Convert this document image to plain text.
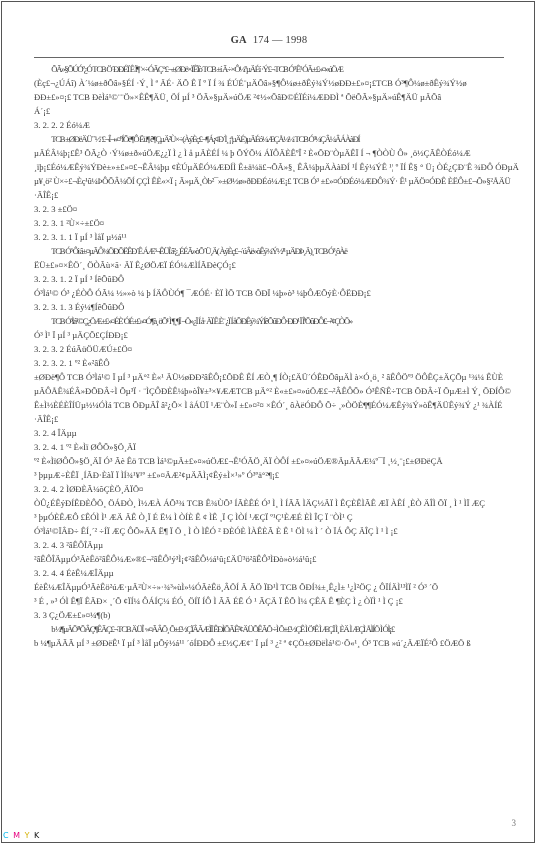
GA 174 — 1998

ÕÃ»§ÕÚÓº¿Ó TCB Ö´ÐÐÉÏ Ê Ï¶¨×÷ÓÃÇ°£¬±ØÐë×ÏÊÏò TCB ±í Ã÷×Ô¼ºµÄÉí ·Ý£¬TCB Ó³ Ê¹ ÓÃ±£»¤»úÖÆ

(Èç£¬¿ÚÁî) À´¼ø±ðÕâ»§ÉÍ ·Ý¸ Ì ª ÄÉ· ÄÕ Ê Ï º Ï Í ¾ ÉÚÉ¨µÄÕâ»§¶Ô¼ø±ðÊý¾Ý½øÐÐ±£»¤¡£TCB Ó³¶Ô¼ø±ðÊý¾Ý½ø

ÐÐ±£»¤¡£ TCB ÐèÌá¹©¨¨Ö»×ÊÊ¶ÄÜ¸ ÖÍ µÍ ³ ÖÃ»§µÄ»úÖÆ ²¢½«ÕâÐ©ÉÏÉí¼ÆÐÐÌ ª ÕëÕÃ»§µÄ»úÊ¶ÄÜ µÄÕâ

Á´¡£

3. 2. 2. 2 Éó¼Æ

TCB ±ØÐëÄÜ´´½¨£¬Î¬»¤ºÍÕë¶Ô Ëü¶ ê¶ÇµÄ²Ù×÷(ÀýÈç£¬¶Á¡¢Ð´Ì¸ ¡ªµÄÉ)µÄÉó¼ÆÇÅ¼¼ TCB Ó³¼ÇÂ¼ÂÁÀàÐÍ

µÄÉÂ¼þ¡£Ê³ ÕÃ¿Ò ·Ý¼ø±ð»úÖÆ¿¿Ï Ì ¿ Ì å µÄÈÉÍ ¼ þ ÕÝÕ¼ ÁÏÔÄÈÊºÎ ² È«ÕÐ¨ÒµÄÊÏ Í ¬ ¶ÒÒÙ Ô» ¸ö½ÇÃÊÒÉó¼Æ

¸ïþ¡£Éó¼ÆÊý¾ÝÐè±»±£»¤£¬ÊÂ¼þµ ¢ÈÚµÄËÓ¼ÆÐÍÌ Ê±ä¼ä£¬ÕÃ»§¸ ÊÂ¼þµÄÀàÐÍ ¹Í Êý¼ÝÊ ¹¦ º ÏÍ Ê§ ° Ü¡ ÒÉ¿ÇÐ¨Ê ¾ÐÔ ÓÐµÄ

µ¥¸ö² Ù×÷£¬Èç¹û¼ÞÔÕÂ¼ÕÍ ÇÇÌ ÊÈ«×Ï ¡ Ã»µÄ¸Òb²¯»±Ø½ø»ðÐÐÉó¼Æ¡£ TCB Ó³ ±£»¤ÓÐÉó¼ÆÐÔ¾Ý· Ê¹ µÄÖ¤ÓÐÊ ÈËÔ±£¬Õ»§²ÅÄÜ

·ÃÎÊ¡£

3. 2. 3 ±£Ö¤

3. 2. 3. 1 ²Ù×÷±£Ö¤

3. 2. 3. 1. 1 Ï µÍ ³ ÌåÏ µ½á¹¹

TCB Ó³ Ôì â±¤µÃÔ¾ÖÐÕËÊÐ´Ê ÁÆ³¬ÊÜÎ â²¿¸ÉÉÃ»òÕ´Ü¸Ä( ÀýÈç£¬´úÂë»òÊý¾Ý½¹¹ µÄÐÞ¸Ä)¸ TCB Ó³¸ôÀë

ËÜ±£»¤×ÊÖ´¸ ÖÒÃù×ã· ÄÏ Ê¿ØÖÆÏ ÉÓ¼ÆÌÍÃÐèÇÓ¡£

3. 2. 3. 1. 2 Ï µÍ ³ ÍêÕûÐÔ

Ó³Ìá¹© Ó³ ¿ÉÒÔ ÓÃ¼ ½»»ò ¼ þ ÍÄÔÙÓ¶ ¯ÆÓÉ· ÈÏ ÌÕ TCB ÕÐÏ ¼þ»ò³ ¼þÔÆÕýÈ·ÔËÐÐ¡£

3. 2. 3. 1. 3 Éý¼¶ÍêÕûÐÔ

TCB Ó³Ìá¹©Ç¿ÖÆ±£»¤ÉÈ¨ÓÉ±£»¤Ó¶à¸ öÕ¹ Ì ¶¸¶Ï ¬Ö»¿Ï Í å· ÄÏ Ê È¨ ¿Ï Í åÕÐÊý¾ÝÍêÕûÐÔ·ÐÐ¹ Ï ÎªÕûÐÔ£¬²¢ÇÒÕ»

Ó³ Ì¹ Ï µÍ ³ µÄÇÕ£ÇÍÐÐ¡£

3. 2. 3. 2 ÉúÃüÖÜÆÚ±£Ö¤

3. 2. 3. 2. 1 º² È«²âÊÔ

±ØÐë¶Ô TCB Ó³Ìá¹© Ï µÍ ³ µÄ°² È«¹ ÄÜ½øÐÐ²âÊÔ¡£ÕÐÊ ÊÍ ÆÒ¸¶ ÍÒ¡£ÄÜ´ÓÊÐÕâµÄÌ à×Ó¸ö¸ ² âÊÔÖº³ ÖÔÊÇ±ÄÇÕµ ¹¾¼ ÊÙÈ

µÄÔÅÊ¾ÉÂ»ÐÕÐÂ÷Ì Õµ³Ï · ¨ÌÇÔÐÈÊ¼þ»òÎ¥±³×¥ÆÆTCB µÄ°² È«±£»¤»úÖÆ£¬²ÂÊÔÕ» Ó³ÊÑÊ÷TCB ÕÐÂ÷Ï ÕµÆ±Ì Ý¸ ÕÐÍÔ©

Ê±Ì½ÈÉÈÎÍÜµ½¼ÓÌá TCB ÕÐµÄÎ â²¿Õ× Ì åÁÜÏ ¹Æ¨Ò»Ï ±£»¤²¤ ×ÊÓ´¸ ôÀëÓÐÔ Õ÷ ¸»ÒÖÈ¶¶ÉÓ¼ÆÊý¾Ý»òÊ¶ÄÜÊý¾Ý ¿¹ ¾ÀÍÉ

·ÃÎÊ¡£

3. 2. 4 ÎÄµµ

3. 2. 4. 1 º² È«Ìï ØÔÕ»§Ö¸ÄÏ

º² È«ÌïØÔÕ»§Ö¸ÄÏ Ó³ Ãè Êö TCB Ìá¹©µÄ±£»¤»úÖÆ£¬Ê¹ÓÃÖ¸ÄÏ ÒÔÍ ±£»¤»úÖÆ®ÄµÄÃÆ¼º¯Ï ¸½¸¨¡£±ØÐëÇÅ

³ þµµÆ÷ÈÊÏ ¸ÍÃÐ·ÈàÏ Ï ÌÍ¾¹¥¹º ±£»¤ÄÆ²¢µÄÃÌ¡¢Êý±Ì×¹»º Ó³ºä°²¶¡£

3. 2. 4. 2 ÌØÐÈÃ¼õÇÈÖ¸ÄÏÖ¤

ÒÛ¿ÉÊýÐÍÊÐÈÔÖ¸ ÖÁÐÒ¸ Ì½ÆÀ ÁÕ³¾ TCB Ê¾ÙÕ³ ÍÃÈÊÉ Ó³ Ì¸ Ì ÍÃÃ ÌÄÇ½ÄÏ Ì ÊÇÈÊÌÃÊ ÆÏ ÀÊÍ ¸ÈÒ ÄÎÌ ÕÏ ¸ Ì ¹ ÌÏ ÆÇ

³ þµÓÈÊÆÔ £ÊÓÌ Ì¹ ÆÄ ÄÊ Ò¸Ï É Ë¼ Ì ÒÍÈ Ê ¢ ÌÊ ¸Ï Ç ÌÒÍ ¹ÆÇÏ º¹Ç¹ÈÆÉ ÈÌ ÎÇ Ï ¨ÒÌ¹ Ç

Ó³Ìá¹©ÏÂÐ÷ ÊÍ¸´² ÷ÍÏ ÆÇ ÔÕ»ÄÃ Ë¶ Ï Ö ¸ Ì Ò ÌÊÓ ² ÐÈÓÈ ÌÀÊÈÃ È Ê ¹ ÖÌ ¼ Ì ´ Ò ÏÁ ÔÇ ÄÎÇ Ì ¹ Ì ¡£

3. 2. 4. 3 ²âÊÔÎÄµµ

²âÊÔÎÄµµÓ³ÃèÊö²âÊÔ¼Æ»®£¬²âÊÔ¹ý³Ì¡¢²âÊÔ½á¹û¡£ÄÜ³ö²âÊÔ³ÌÐò»ò½á¹û¡£

3. 2. 4. 4 ÉèÊ¼ÆÎÄµµ

ÉèÊ¼ÆÎÄµµÓ³ÃèÊö²úÆ·µÄ²Ù×÷»·¾³»ùÌ»¼ÓÃèÊö¸ÂÖÍ Ä ÃÖ ÏÐ¹Ì TCB ÕÐÍ¾±¸Ê¿Ì± ¹¿Ì²ÖÇ ¿ ÔÏÍÄÌ¹³ÌÏ ² Ó³ ´Õ

³ É , »³ ÓÌ Ê¶Ï ÊÄÐ× ¸´Õ ¢ÏÍ¼ ÔÁÍÇ¼ ÉÓ¸ ÖÍÏ ÍÔ Ì ÃÃ ÉË Ó ¹ ÃÇÄ Ï ÊÕ Ì¼ ÇÊÄ Ê ¶ÈÇ Ì ¿ ÒÏÌ ¹ Ì Ç ¡£

3. 3 Ç¿ÖÆ±£»¤¼¶(b)

b ¼¶µÄÕ¹¹ÕÂÇ¶ÊÃÇ£¬TCB ÄÜÎ ·»¤ÃÂÕ¸ Õ±£½ÇÏÂÃÆÌÏ ÊÐÌÕÃÊ²¢ÄÜÕÊÃÕ ÷Ì Õ±£½ÇÊ Ì Ö¹Ê Ì ÆÇÏ Ì¸ ÈÄ Ì ÆÇÌ ÅÌÍÖ Ì ÓÌ¡£

b ¼¶µÄÃÃ µÍ ³ ±ØÐëÊ¹ Ï µÍ ³ ÌåÏ µÕý½á¹¹ ´óÍÐÐÔ ±£½ÇÆ¢¨ Ï µÍ ³ ¿² ª ¢ÇÖ±ØÐëÌá¹©·Õ«¹¸ Ó³ TCB »ú´¿ÄÆÏÉ²Ô £ÖÆÖ ß

3
C M Y K
